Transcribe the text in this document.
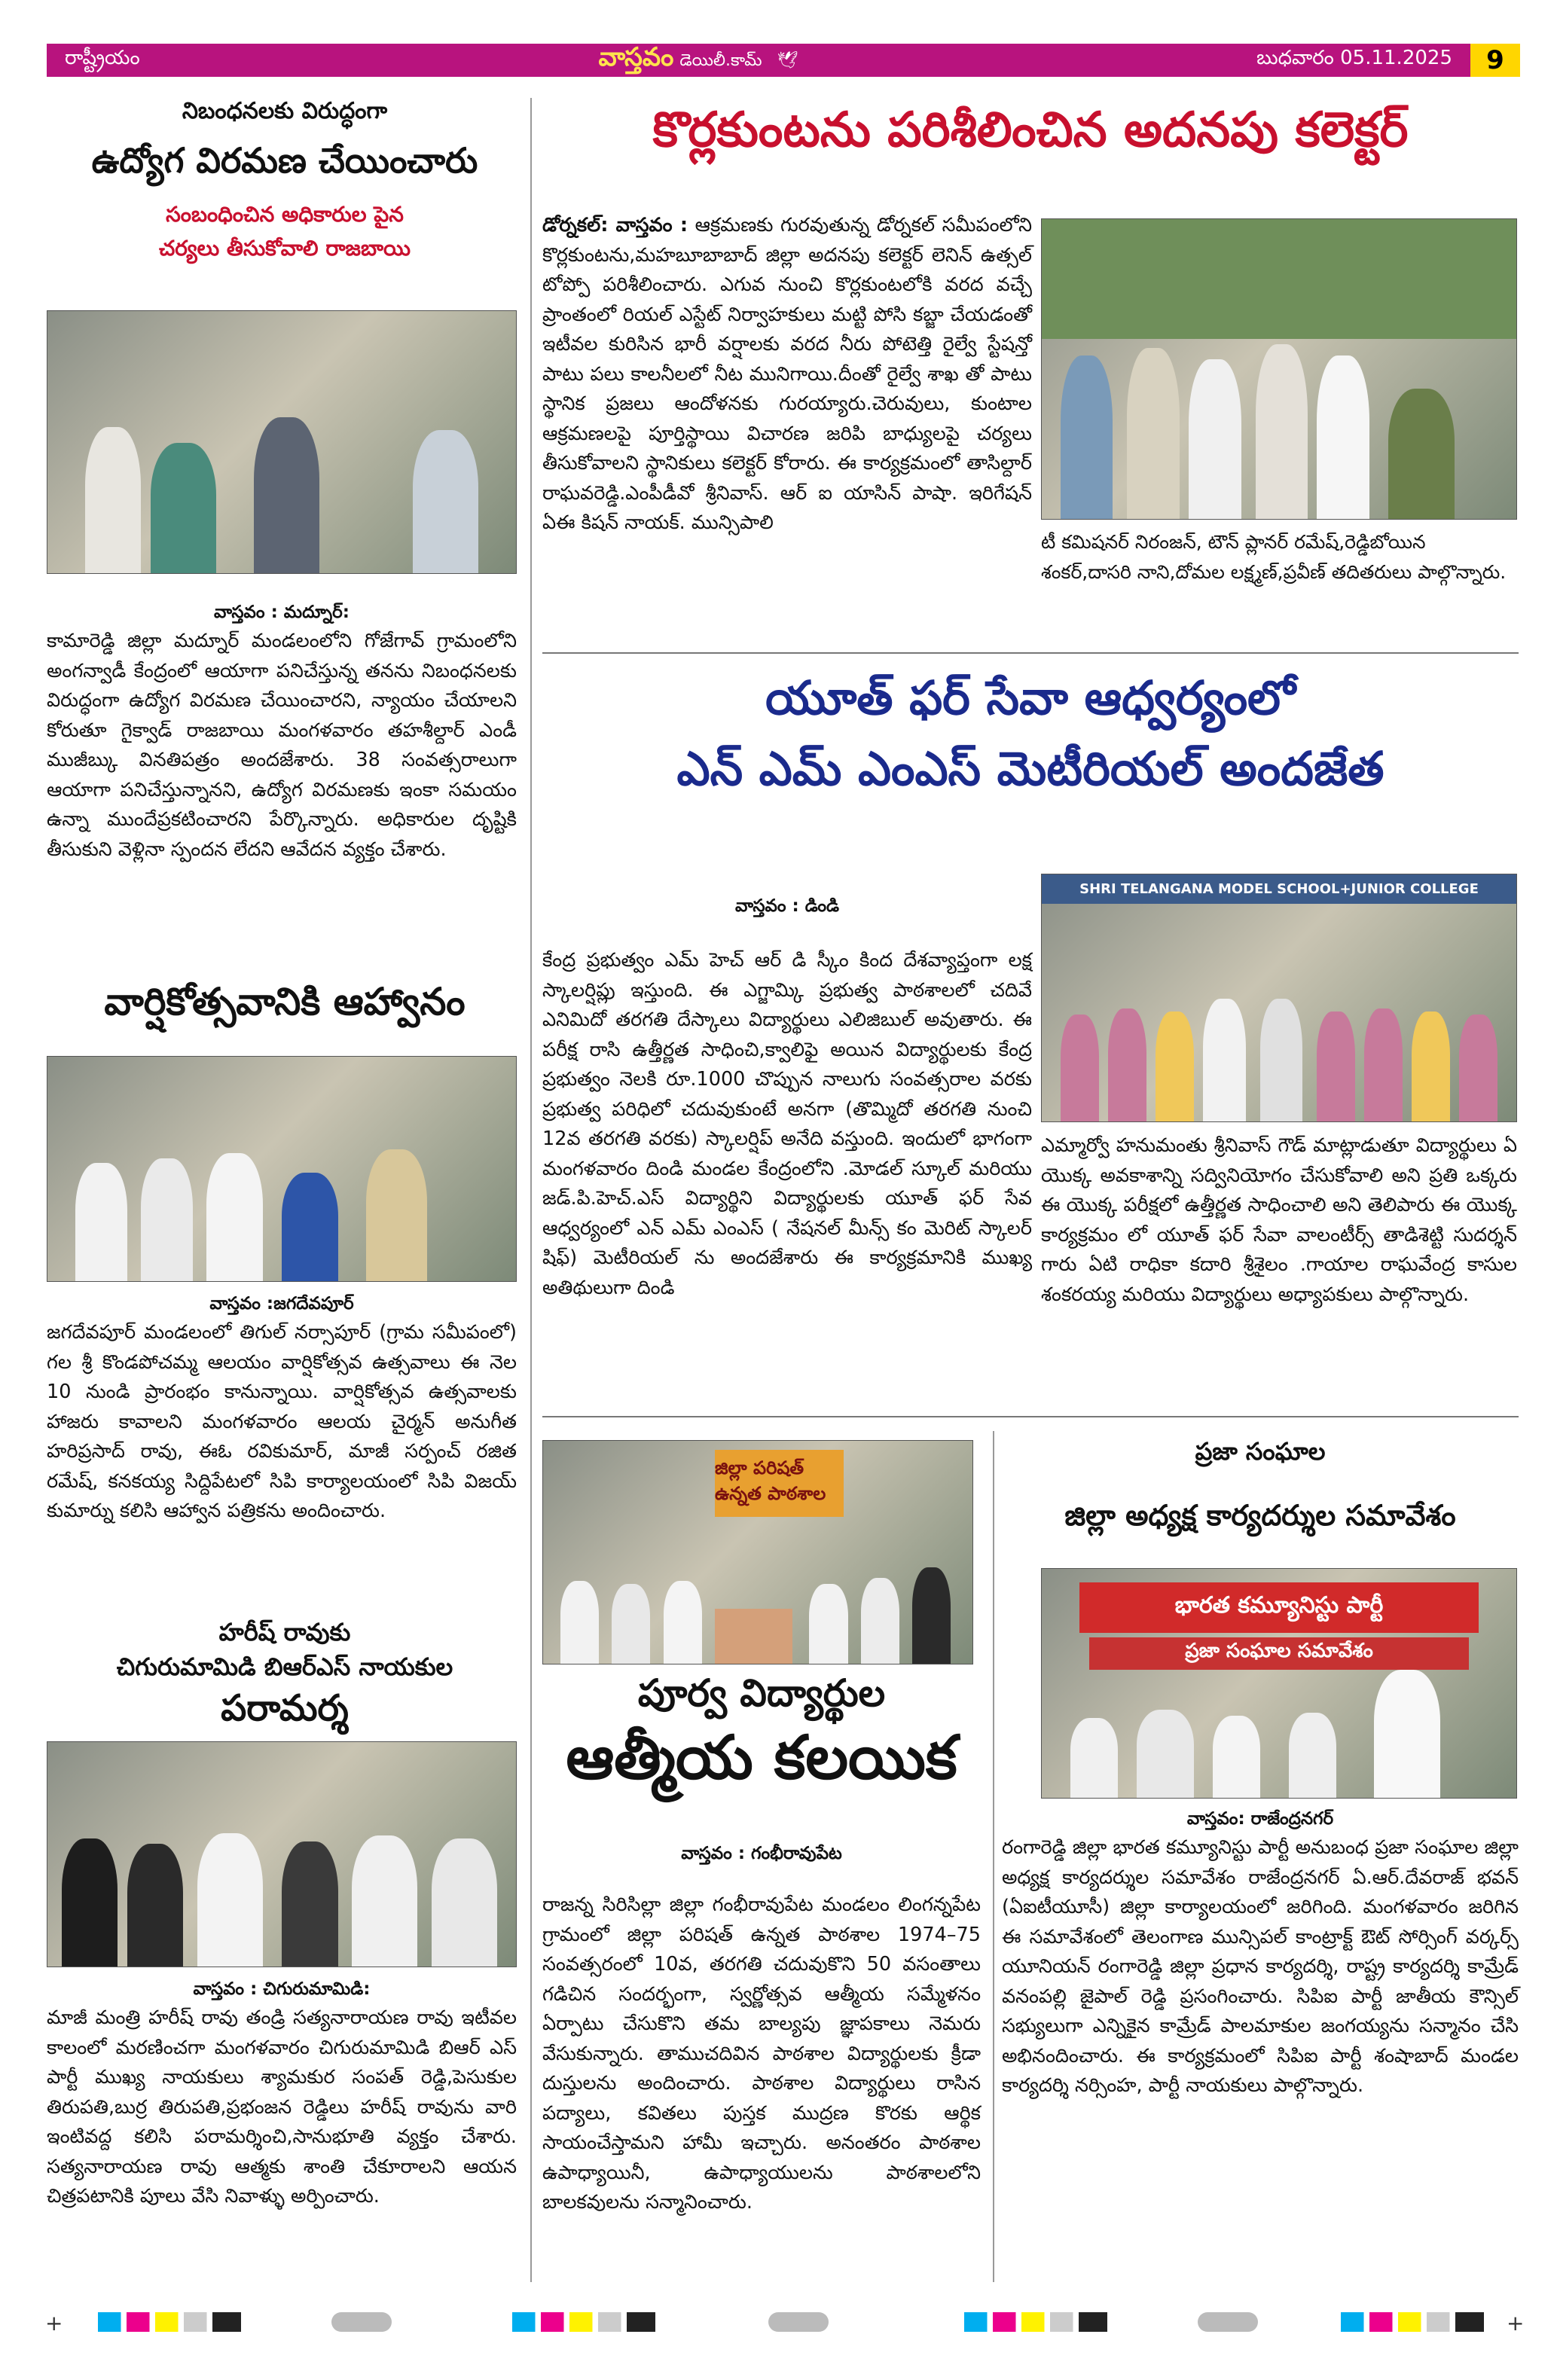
రాష్ట్రీయం	వాస్తవం డెయిలీ.కామ్ 🕊	బుధవారం 05.11.2025	9

నిబంధనలకు విరుద్ధంగా

ఉద్యోగ విరమణ చేయించారు

సంబంధించిన అధికారుల పైన

చర్యలు తీసుకోవాలి రాజబాయి

వాస్తవం : మద్నూర్:

కామారెడ్డి జిల్లా మద్నూర్ మండలంలోని గోజేగావ్ గ్రామంలోని అంగన్వాడీ కేంద్రంలో ఆయాగా పనిచేస్తున్న తనను నిబంధనలకు విరుద్ధంగా ఉద్యోగ విరమణ చేయించారని, న్యాయం చేయాలని కోరుతూ గైక్వాడ్ రాజబాయి మంగళవారం తహశీల్దార్ ఎండీ ముజీబ్కు వినతిపత్రం అందజేశారు. 38 సంవత్సరాలుగా ఆయాగా పనిచేస్తున్నానని, ఉద్యోగ విరమణకు ఇంకా సమయం ఉన్నా ముందేప్రకటించారని పేర్కొన్నారు. అధికారుల దృష్టికి తీసుకుని వెళ్లినా స్పందన లేదని ఆవేదన వ్యక్తం చేశారు.

వార్షికోత్సవానికి ఆహ్వానం

వాస్తవం :జగదేవపూర్

జగదేవపూర్ మండలంలో తిగుల్ నర్సాపూర్ (గ్రామ సమీపంలో) గల శ్రీ కొండపోచమ్మ ఆలయం వార్షికోత్సవ ఉత్సవాలు ఈ నెల 10 నుండి ప్రారంభం కానున్నాయి. వార్షికోత్సవ ఉత్సవాలకు హాజరు కావాలని మంగళవారం ఆలయ చైర్మన్ అనుగీత హరిప్రసాద్ రావు, ఈఓ రవికుమార్, మాజీ సర్పంచ్ రజిత రమేష్, కనకయ్య సిద్దిపేటలో సిపి కార్యాలయంలో సిపి విజయ్ కుమార్ను కలిసి ఆహ్వాన పత్రికను అందించారు.

హరీష్ రావుకు

చిగురుమామిడి బిఆర్ఎస్ నాయకుల

పరామర్శ

వాస్తవం : చిగురుమామిడి:

మాజీ మంత్రి హరీష్ రావు తండ్రి సత్యనారాయణ రావు ఇటీవల కాలంలో మరణించగా మంగళవారం చిగురుమామిడి బిఆర్ ఎస్ పార్టీ ముఖ్య నాయకులు శ్యామకుర సంపత్ రెడ్డి,పెసుకుల తిరుపతి,బుర్ర తిరుపతి,ప్రభంజన రెడ్డిలు హరీష్ రావును వారి ఇంటివద్ద కలిసి పరామర్శించి,సానుభూతి వ్యక్తం చేశారు. సత్యనారాయణ రావు ఆత్మకు శాంతి చేకూరాలని ఆయన చిత్రపటానికి పూలు వేసి నివాళ్ళు అర్పించారు.

కొర్లకుంటను పరిశీలించిన అదనపు కలెక్టర్

డోర్నకల్: వాస్తవం : ఆక్రమణకు గురవుతున్న డోర్నకల్ సమీపంలోని కొర్లకుంటను,మహబూబాబాద్ జిల్లా అదనపు కలెక్టర్ లెనిన్ ఉత్సల్ టోప్పో పరిశీలించారు. ఎగువ నుంచి కొర్లకుంటలోకి వరద వచ్చే ప్రాంతంలో రియల్ ఎస్టేట్ నిర్వాహకులు మట్టి పోసి కబ్జా చేయడంతో ఇటీవల కురిసిన భారీ వర్షాలకు వరద నీరు పోటెత్తి రైల్వే స్టేషన్తో పాటు పలు కాలనీలలో నీట మునిగాయి.దీంతో రైల్వే శాఖ తో పాటు స్థానిక ప్రజలు ఆందోళనకు గురయ్యారు.చెరువులు, కుంటాల ఆక్రమణలపై పూర్తిస్థాయి విచారణ జరిపి బాధ్యులపై చర్యలు తీసుకోవాలని స్థానికులు కలెక్టర్ కోరారు. ఈ కార్యక్రమంలో తాసిల్దార్ రాఘవరెడ్డి.ఎంపీడీవో శ్రీనివాస్. ఆర్ ఐ యాసిన్ పాషా. ఇరిగేషన్ ఏఈ కిషన్ నాయక్. మున్సిపాలి

టీ కమిషనర్ నిరంజన్, టౌన్ ప్లానర్ రమేష్,రెడ్డిబోయిన శంకర్,దాసరి నాని,దోమల లక్ష్మణ్,ప్రవీణ్ తదితరులు పాల్గొన్నారు.

యూత్ ఫర్ సేవా ఆధ్వర్యంలో

ఎన్ ఎమ్ ఎంఎస్ మెటీరియల్ అందజేత

వాస్తవం : డిండి

కేంద్ర ప్రభుత్వం ఎమ్ హెచ్ ఆర్ డి స్కీం కింద దేశవ్యాప్తంగా లక్ష స్కాలర్షిప్లు ఇస్తుంది. ఈ ఎగ్జామ్కి ప్రభుత్వ పాఠశాలలో చదివే ఎనిమిదో తరగతి దేస్కాలు విద్యార్థులు ఎలిజిబుల్ అవుతారు. ఈ పరీక్ష రాసి ఉత్తీర్ణత సాధించి,క్వాలిఫై అయిన విద్యార్థులకు కేంద్ర ప్రభుత్వం నెలకి రూ.1000 చొప్పున నాలుగు సంవత్సరాల వరకు ప్రభుత్వ పరిధిలో చదువుకుంటే అనగా (తొమ్మిదో తరగతి నుంచి 12వ తరగతి వరకు) స్కాలర్షిప్ అనేది వస్తుంది. ఇందులో భాగంగా మంగళవారం దిండి మండల కేంద్రంలోని .మోడల్ స్కూల్ మరియు జడ్.పి.హెచ్.ఎస్ విద్యార్థిని విద్యార్థులకు యూత్ ఫర్ సేవ ఆధ్వర్యంలో ఎన్ ఎమ్ ఎంఎస్ ( నేషనల్ మీన్స్ కం మెరిట్ స్కాలర్ షిఫ్) మెటీరియల్ ను అందజేశారు ఈ కార్యక్రమానికి ముఖ్య అతిథులుగా దిండి

SHRI TELANGANA MODEL SCHOOL+JUNIOR COLLEGE

ఎమ్మార్వో హనుమంతు శ్రీనివాస్ గౌడ్ మాట్లాడుతూ విద్యార్థులు ఏ యొక్క అవకాశాన్ని సద్వినియోగం చేసుకోవాలి అని ప్రతి ఒక్కరు ఈ యొక్క పరీక్షలో ఉత్తీర్ణత సాధించాలి అని తెలిపారు ఈ యొక్క కార్యక్రమం లో యూత్ ఫర్ సేవా వాలంటీర్స్ తాడిశెట్టి సుదర్శన్ గారు ఏటి రాధికా కదారి శ్రీశైలం .గాయాల రాఘవేంద్ర కాసుల శంకరయ్య మరియు విద్యార్థులు అధ్యాపకులు పాల్గొన్నారు.

జిల్లా పరిషత్ ఉన్నత పాఠశాల

పూర్వ విద్యార్థుల

ఆత్మీయ కలయిక

వాస్తవం : గంభీరావుపేట

రాజన్న సిరిసిల్లా జిల్లా గంభీరావుపేట మండలం లింగన్నపేట గ్రామంలో జిల్లా పరిషత్ ఉన్నత పాఠశాల 1974–75 సంవత్సరంలో 10వ, తరగతి చదువుకొని 50 వసంతాలు గడిచిన సందర్భంగా, స్వర్ణోత్సవ ఆత్మీయ సమ్మేళనం ఏర్పాటు చేసుకొని తమ బాల్యపు జ్ఞాపకాలు నెమరు వేసుకున్నారు. తాముచదివిన పాఠశాల విద్యార్థులకు క్రీడా దుస్తులను అందించారు. పాఠశాల విద్యార్థులు రాసిన పద్యాలు, కవితలు పుస్తక ముద్రణ కొరకు ఆర్థిక సాయంచేస్తామని హామీ ఇచ్చారు. అనంతరం పాఠశాల ఉపాధ్యాయినీ, ఉపాధ్యాయులను పాఠశాలలోని బాలకవులను సన్మానించారు.

ప్రజా సంఘాల

జిల్లా అధ్యక్ష కార్యదర్శుల సమావేశం

భారత కమ్యూనిస్టు పార్టీ
ప్రజా సంఘాల సమావేశం

వాస్తవం: రాజేంద్రనగర్

రంగారెడ్డి జిల్లా భారత కమ్యూనిస్టు పార్టీ అనుబంధ ప్రజా సంఘాల జిల్లా అధ్యక్ష కార్యదర్శుల సమావేశం రాజేంద్రనగర్ ఏ.ఆర్.దేవరాజ్ భవన్ (ఏఐటీయూసీ) జిల్లా కార్యాలయంలో జరిగింది. మంగళవారం జరిగిన ఈ సమావేశంలో తెలంగాణ మున్సిపల్ కాంట్రాక్ట్ ఔట్ సోర్సింగ్ వర్కర్స్ యూనియన్ రంగారెడ్డి జిల్లా ప్రధాన కార్యదర్శి, రాష్ట్ర కార్యదర్శి కామ్రేడ్ వనంపల్లి జైపాల్ రెడ్డి ప్రసంగించారు. సిపిఐ పార్టీ జాతీయ కౌన్సిల్ సభ్యులుగా ఎన్నికైన కామ్రేడ్ పాలమాకుల జంగయ్యను సన్మానం చేసి అభినందించారు. ఈ కార్యక్రమంలో సిపిఐ పార్టీ శంషాబాద్ మండల కార్యదర్శి నర్సింహ, పార్టీ నాయకులు పాల్గొన్నారు.

+	+
